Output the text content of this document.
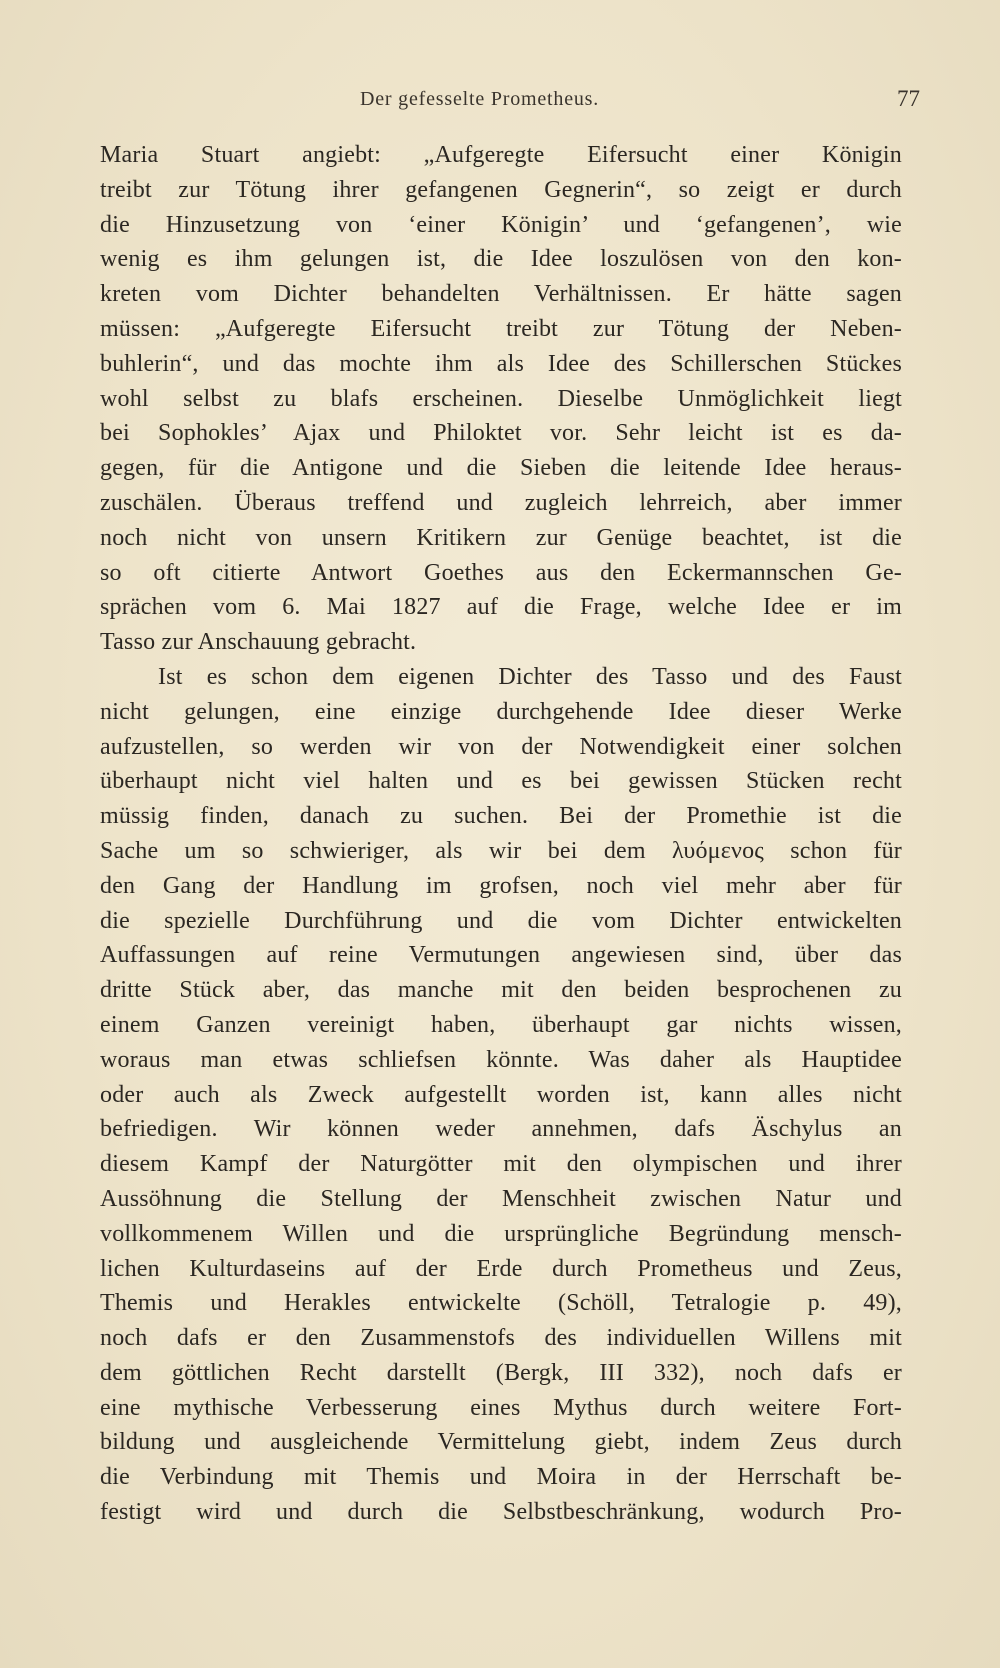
Der gefesselte Prometheus.	77
Maria Stuart angiebt: „Aufgeregte Eifersucht einer Königin
treibt zur Tötung ihrer gefangenen Gegnerin“, so zeigt er durch
die Hinzusetzung von ‘einer Königin’ und ‘gefangenen’, wie
wenig es ihm gelungen ist, die Idee loszulösen von den kon-
kreten vom Dichter behandelten Verhältnissen. Er hätte sagen
müssen: „Aufgeregte Eifersucht treibt zur Tötung der Neben-
buhlerin“, und das mochte ihm als Idee des Schillerschen Stückes
wohl selbst zu blafs erscheinen. Dieselbe Unmöglichkeit liegt
bei Sophokles’ Ajax und Philoktet vor. Sehr leicht ist es da-
gegen, für die Antigone und die Sieben die leitende Idee heraus-
zuschälen. Überaus treffend und zugleich lehrreich, aber immer
noch nicht von unsern Kritikern zur Genüge beachtet, ist die
so oft citierte Antwort Goethes aus den Eckermannschen Ge-
sprächen vom 6. Mai 1827 auf die Frage, welche Idee er im
Tasso zur Anschauung gebracht.
Ist es schon dem eigenen Dichter des Tasso und des Faust
nicht gelungen, eine einzige durchgehende Idee dieser Werke
aufzustellen, so werden wir von der Notwendigkeit einer solchen
überhaupt nicht viel halten und es bei gewissen Stücken recht
müssig finden, danach zu suchen. Bei der Promethie ist die
Sache um so schwieriger, als wir bei dem λυόμενος schon für
den Gang der Handlung im grofsen, noch viel mehr aber für
die spezielle Durchführung und die vom Dichter entwickelten
Auffassungen auf reine Vermutungen angewiesen sind, über das
dritte Stück aber, das manche mit den beiden besprochenen zu
einem Ganzen vereinigt haben, überhaupt gar nichts wissen,
woraus man etwas schliefsen könnte. Was daher als Hauptidee
oder auch als Zweck aufgestellt worden ist, kann alles nicht
befriedigen. Wir können weder annehmen, dafs Äschylus an
diesem Kampf der Naturgötter mit den olympischen und ihrer
Aussöhnung die Stellung der Menschheit zwischen Natur und
vollkommenem Willen und die ursprüngliche Begründung mensch-
lichen Kulturdaseins auf der Erde durch Prometheus und Zeus,
Themis und Herakles entwickelte (Schöll, Tetralogie p. 49),
noch dafs er den Zusammenstofs des individuellen Willens mit
dem göttlichen Recht darstellt (Bergk, III 332), noch dafs er
eine mythische Verbesserung eines Mythus durch weitere Fort-
bildung und ausgleichende Vermittelung giebt, indem Zeus durch
die Verbindung mit Themis und Moira in der Herrschaft be-
festigt wird und durch die Selbstbeschränkung, wodurch Pro-
